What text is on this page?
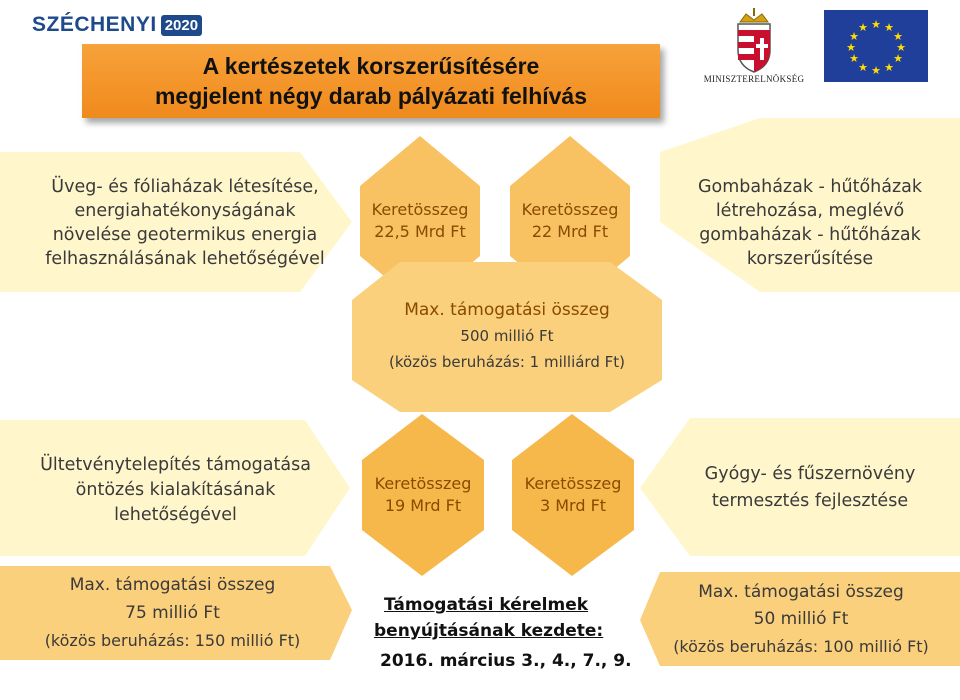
★ ★
★
★
★
★
★
★
★
★
★
★
SZÉCHENYI 2020
MINISZTERELNÖKSÉG
A kertészetek korszerűsítésére
megjelent négy darab pályázati felhívás
Üveg- és fóliaházak létesítése,
energiahatékonyságának
növelése geotermikus energia
felhasználásának lehetőségével
Keretösszeg
22,5 Mrd Ft
Keretösszeg
22 Mrd Ft
Gombaházak - hűtőházak
létrehozása, meglévő
gombaházak - hűtőházak
korszerűsítése
Max. támogatási összeg
500 millió Ft
(közös beruházás: 1 milliárd Ft)
Ültetvénytelepítés támogatása
öntözés kialakításának
lehetőségével
Keretösszeg
19 Mrd Ft
Keretösszeg
3 Mrd Ft
Gyógy- és fűszernövény
termesztés fejlesztése
Max. támogatási összeg
75 millió Ft
(közös beruházás: 150 millió Ft)
Támogatási kérelmek
benyújtásának kezdete:
2016. március 3., 4., 7., 9.
Max. támogatási összeg
50 millió Ft
(közös beruházás: 100 millió Ft)
